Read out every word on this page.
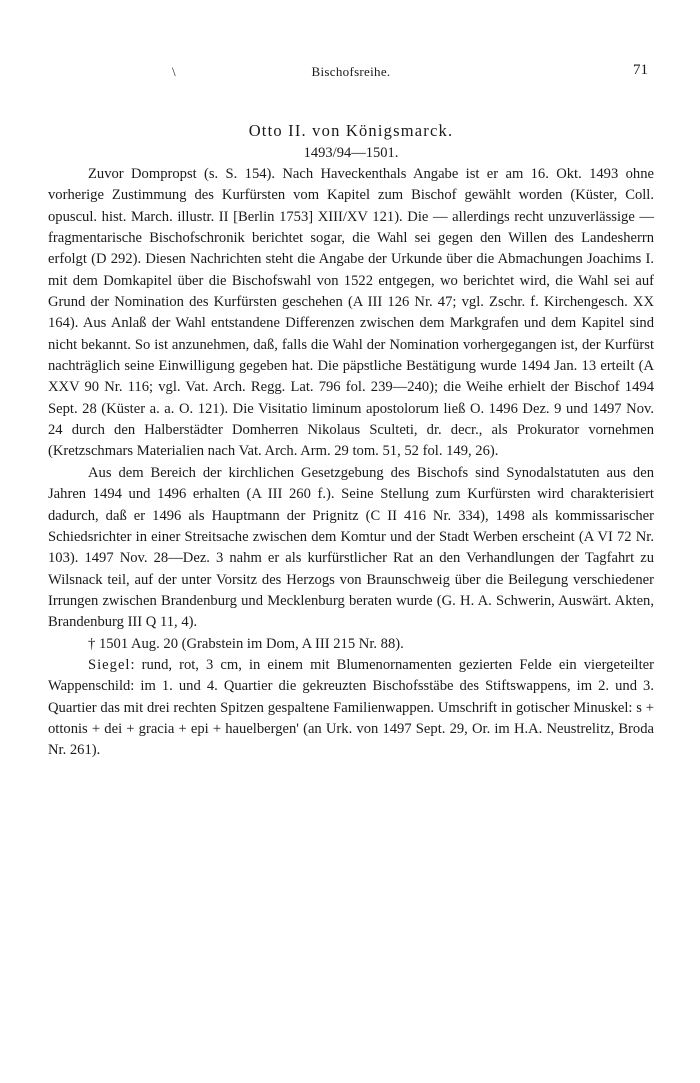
\	Bischofsreihe.	71
Otto II. von Königsmarck.
1493/94—1501.

Zuvor Dompropst (s. S. 154). Nach Haveckenthals Angabe ist er am 16. Okt. 1493 ohne vorherige Zustimmung des Kurfürsten vom Kapitel zum Bischof gewählt worden (Küster, Coll. opuscul. hist. March. illustr. II [Berlin 1753] XIII/XV 121). Die — allerdings recht unzuverlässige — fragmentarische Bischofschronik berichtet sogar, die Wahl sei gegen den Willen des Landesherrn erfolgt (D 292). Diesen Nachrichten steht die Angabe der Urkunde über die Abmachungen Joachims I. mit dem Domkapitel über die Bischofswahl von 1522 entgegen, wo berichtet wird, die Wahl sei auf Grund der Nomination des Kurfürsten geschehen (A III 126 Nr. 47; vgl. Zschr. f. Kirchengesch. XX 164). Aus Anlaß der Wahl entstandene Differenzen zwischen dem Markgrafen und dem Kapitel sind nicht bekannt. So ist anzunehmen, daß, falls die Wahl der Nomination vorhergegangen ist, der Kurfürst nachträglich seine Einwilligung gegeben hat. Die päpstliche Bestätigung wurde 1494 Jan. 13 erteilt (A XXV 90 Nr. 116; vgl. Vat. Arch. Regg. Lat. 796 fol. 239—240); die Weihe erhielt der Bischof 1494 Sept. 28 (Küster a. a. O. 121). Die Visitatio liminum apostolorum ließ O. 1496 Dez. 9 und 1497 Nov. 24 durch den Halberstädter Domherren Nikolaus Sculteti, dr. decr., als Prokurator vornehmen (Kretzschmars Materialien nach Vat. Arch. Arm. 29 tom. 51, 52 fol. 149, 26).

Aus dem Bereich der kirchlichen Gesetzgebung des Bischofs sind Synodalstatuten aus den Jahren 1494 und 1496 erhalten (A III 260 f.). Seine Stellung zum Kurfürsten wird charakterisiert dadurch, daß er 1496 als Hauptmann der Prignitz (C II 416 Nr. 334), 1498 als kommissarischer Schiedsrichter in einer Streitsache zwischen dem Komtur und der Stadt Werben erscheint (A VI 72 Nr. 103). 1497 Nov. 28—Dez. 3 nahm er als kurfürstlicher Rat an den Verhandlungen der Tagfahrt zu Wilsnack teil, auf der unter Vorsitz des Herzogs von Braunschweig über die Beilegung verschiedener Irrungen zwischen Brandenburg und Mecklenburg beraten wurde (G. H. A. Schwerin, Auswärt. Akten, Brandenburg III Q 11, 4).

† 1501 Aug. 20 (Grabstein im Dom, A III 215 Nr. 88).

Siegel: rund, rot, 3 cm, in einem mit Blumenornamenten gezierten Felde ein viergeteilter Wappenschild: im 1. und 4. Quartier die gekreuzten Bischofsstäbe des Stiftswappens, im 2. und 3. Quartier das mit drei rechten Spitzen gespaltene Familienwappen. Umschrift in gotischer Minuskel: s + ottonis + dei + gracia + epi + hauelbergen' (an Urk. von 1497 Sept. 29, Or. im H.A. Neustrelitz, Broda Nr. 261).
